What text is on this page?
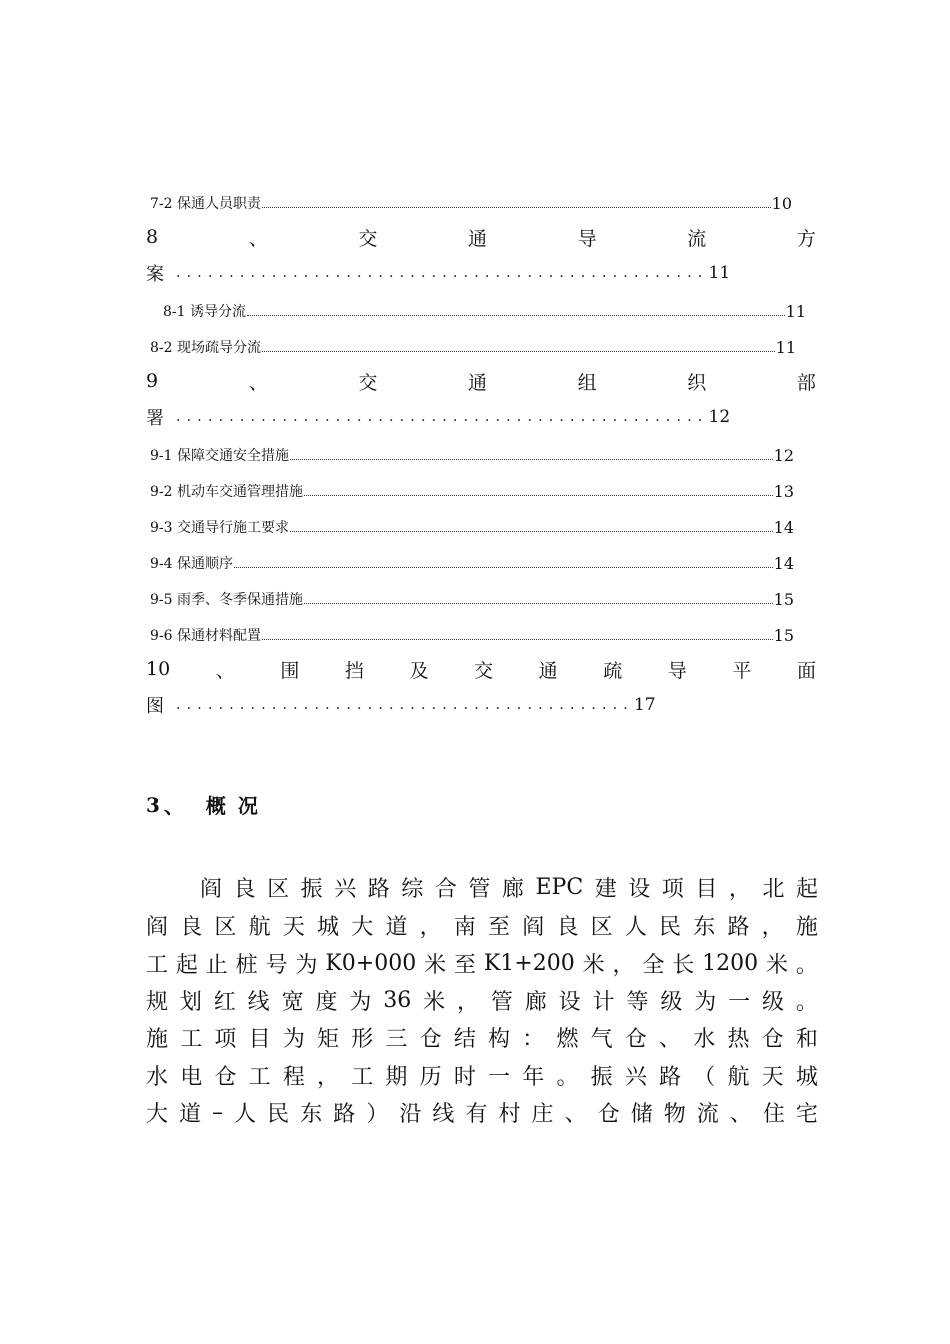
7-2 保通人员职责	10
8	、	交	通	导	流	方
案 .................................................. 11
8-1 诱导分流	11
8-2 现场疏导分流	11
9	、	交	通	组	织	部
署 .................................................. 12
9-1 保障交通安全措施	12
9-2 机动车交通管理措施	13
9-3 交通导行施工要求	14
9-4 保通顺序	14
9-5 雨季、冬季保通措施	15
9-6 保通材料配置	15
10 、 围 挡 及 交 通 疏 导 平 面
图 ........................................... 17
3 、 概 况
阎 良 区 振 兴 路 综 合 管 廊 EPC 建 设 项 目 ， 北 起
阎 良 区 航 天 城 大 道 ， 南 至 阎 良 区 人 民 东 路 ， 施
工 起 止 桩 号 为 K0+000 米 至 K1+200 米 ， 全 长 1200 米 。
规 划 红 线 宽 度 为 36 米 ， 管 廊 设 计 等 级 为 一 级 。
施 工 项 目 为 矩 形 三 仓 结 构 ： 燃 气 仓 、 水 热 仓 和
水 电 仓 工 程 ， 工 期 历 时 一 年 。 振 兴 路 （ 航 天 城
大 道 – 人 民 东 路 ） 沿 线 有 村 庄 、 仓 储 物 流 、 住 宅
